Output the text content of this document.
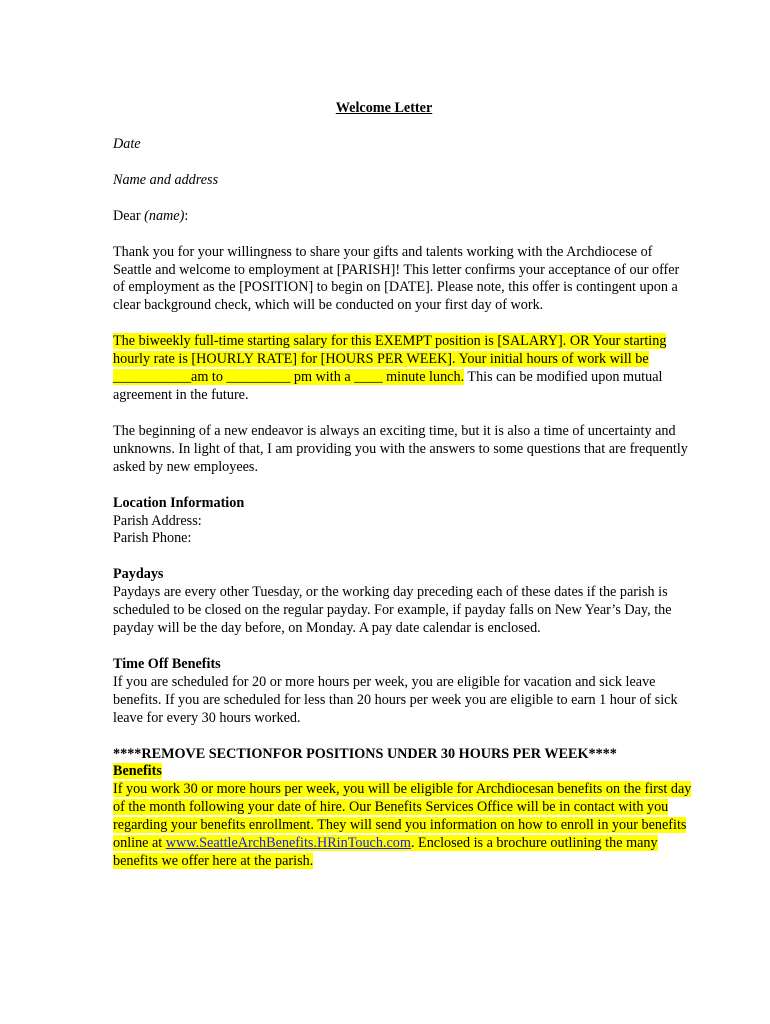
Welcome Letter

Date

Name and address

Dear (name):

Thank you for your willingness to share your gifts and talents working with the Archdiocese of Seattle and welcome to employment at [PARISH]! This letter confirms your acceptance of our offer of employment as the [POSITION] to begin on [DATE]. Please note, this offer is contingent upon a clear background check, which will be conducted on your first day of work.

The biweekly full-time starting salary for this EXEMPT position is [SALARY]. OR Your starting hourly rate is [HOURLY RATE] for [HOURS PER WEEK]. Your initial hours of work will be ___________am to _________ pm with a ____ minute lunch. This can be modified upon mutual agreement in the future.

The beginning of a new endeavor is always an exciting time, but it is also a time of uncertainty and unknowns. In light of that, I am providing you with the answers to some questions that are frequently asked by new employees.

Location Information
Parish Address:
Parish Phone:
Paydays
Paydays are every other Tuesday, or the working day preceding each of these dates if the parish is scheduled to be closed on the regular payday. For example, if payday falls on New Year’s Day, the payday will be the day before, on Monday. A pay date calendar is enclosed.
Time Off Benefits
If you are scheduled for 20 or more hours per week, you are eligible for vacation and sick leave benefits. If you are scheduled for less than 20 hours per week you are eligible to earn 1 hour of sick leave for every 30 hours worked.
****REMOVE SECTIONFOR POSITIONS UNDER 30 HOURS PER WEEK****
Benefits
If you work 30 or more hours per week, you will be eligible for Archdiocesan benefits on the first day of the month following your date of hire. Our Benefits Services Office will be in contact with you regarding your benefits enrollment. They will send you information on how to enroll in your benefits online at www.SeattleArchBenefits.HRinTouch.com. Enclosed is a brochure outlining the many benefits we offer here at the parish.
